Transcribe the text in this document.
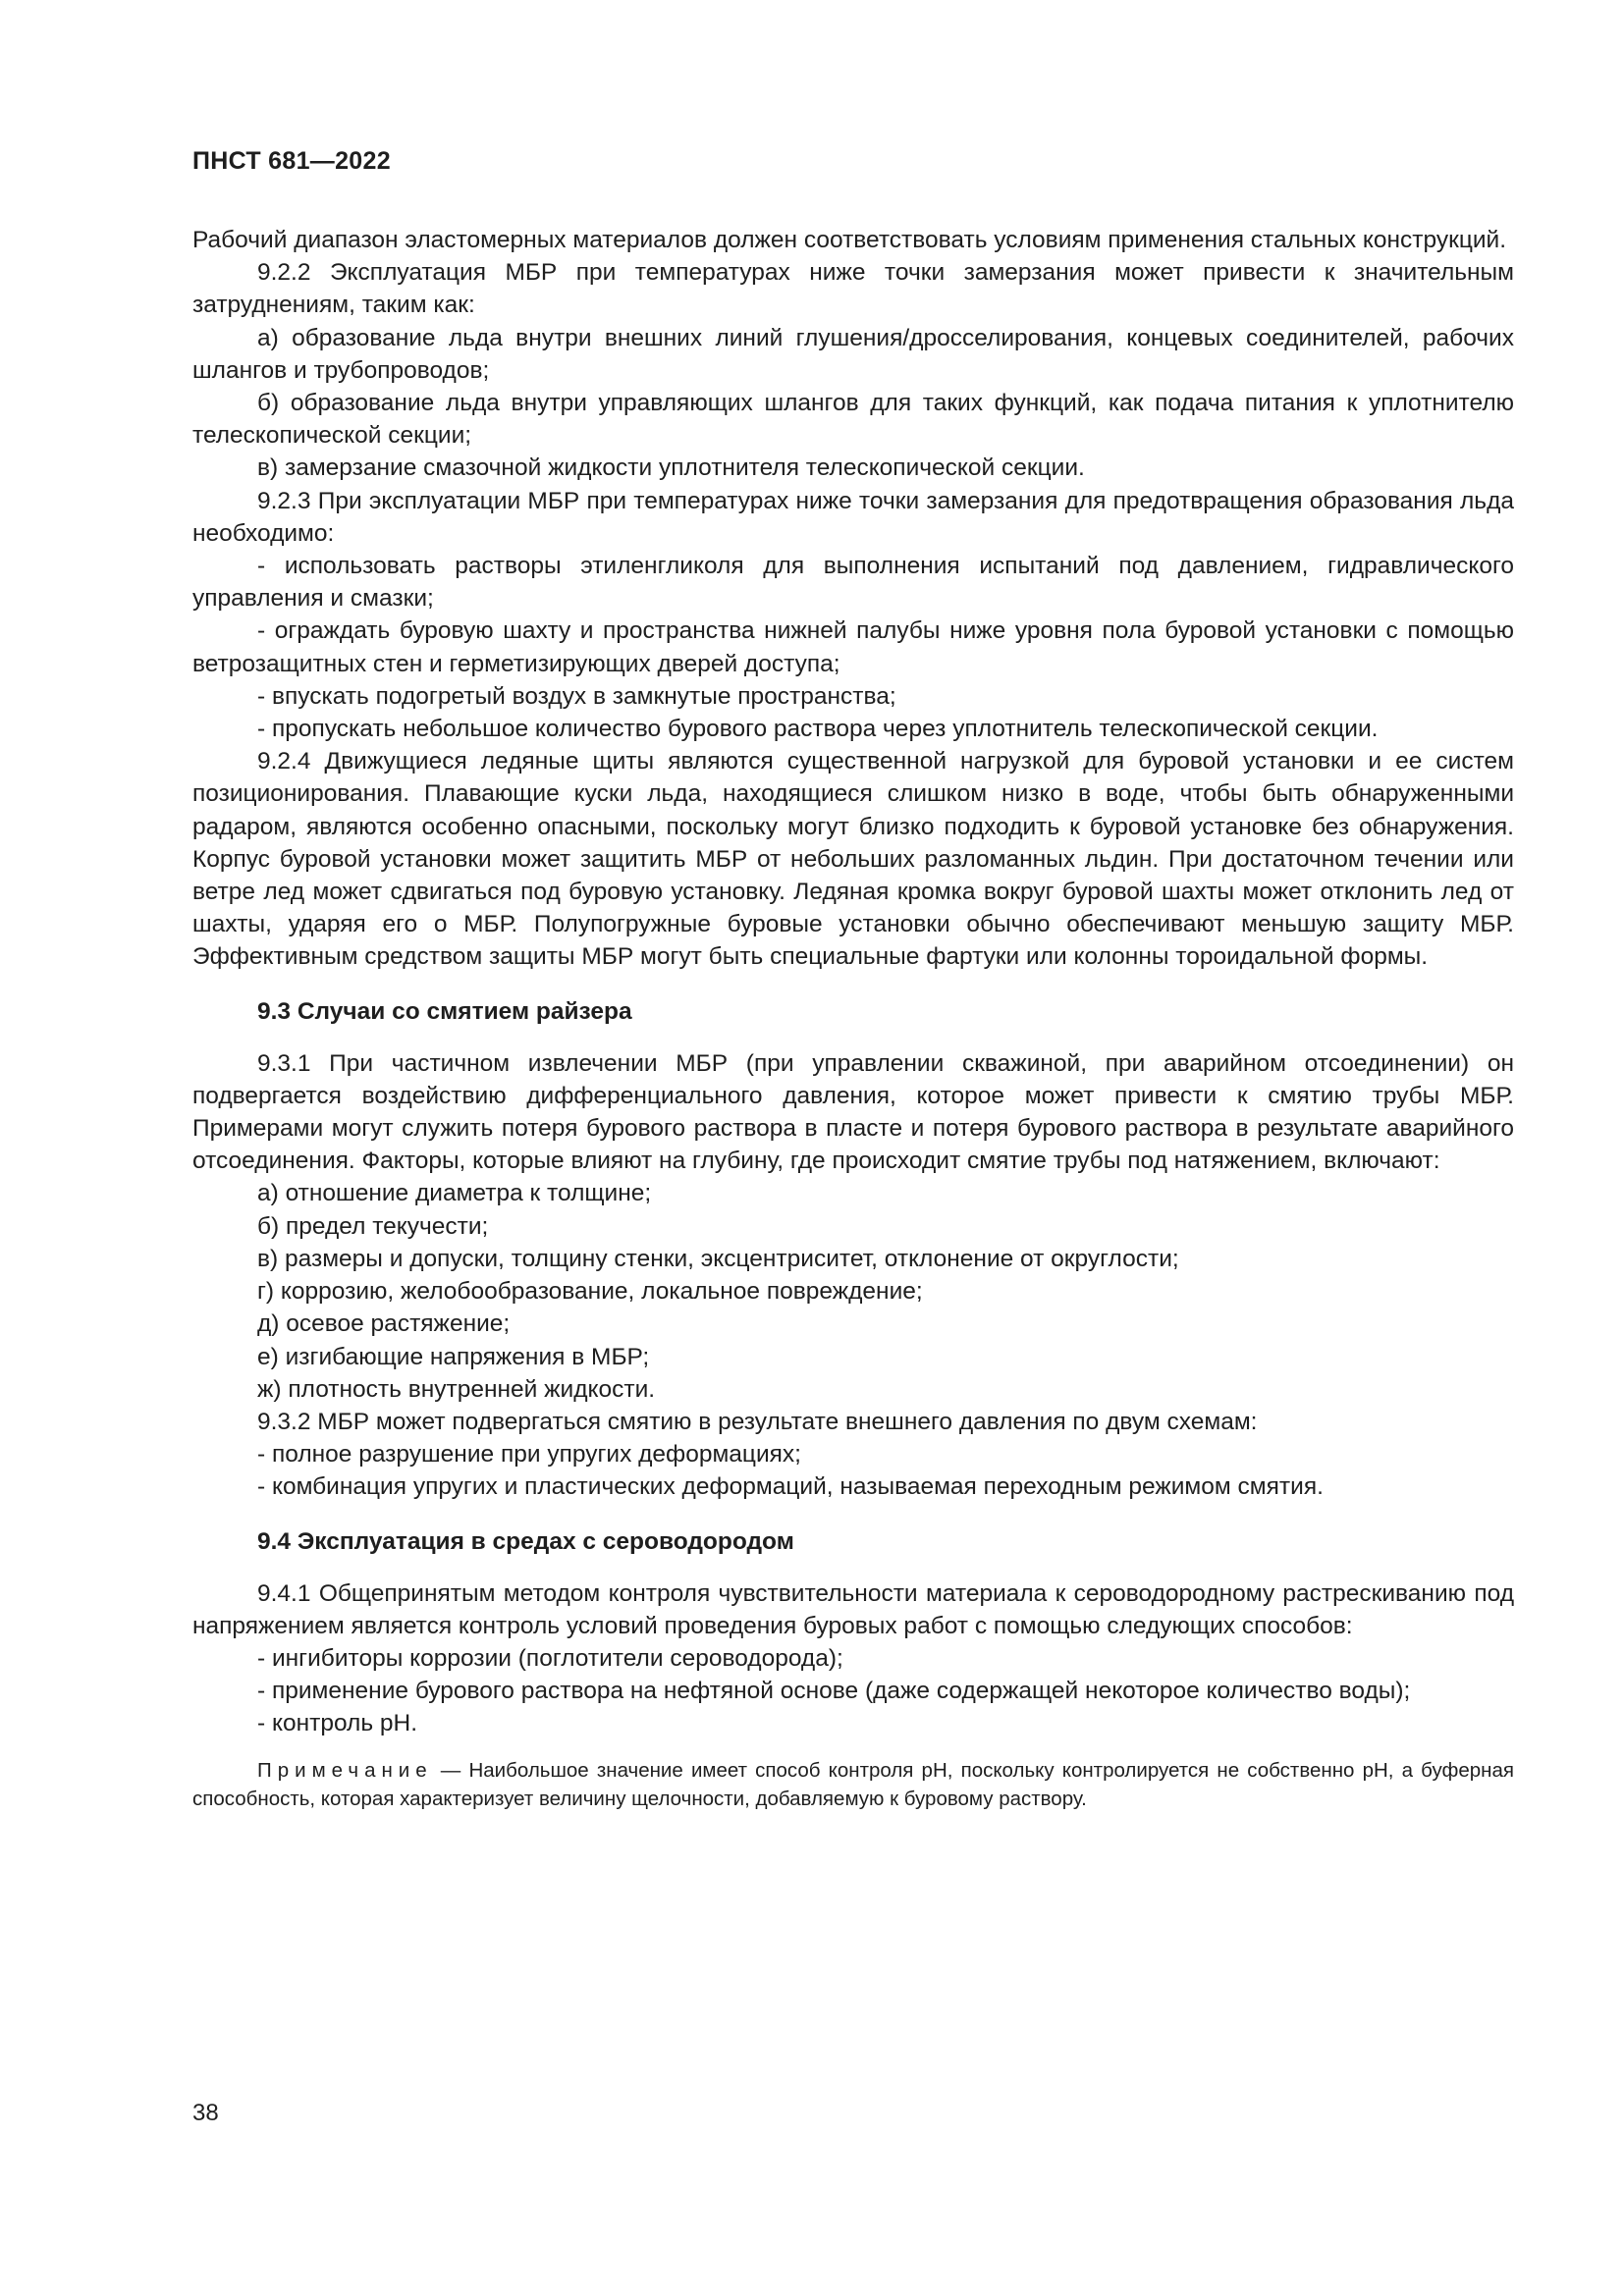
ПНСТ 681—2022

Рабочий диапазон эластомерных материалов должен соответствовать условиям применения стальных конструкций.

9.2.2 Эксплуатация МБР при температурах ниже точки замерзания может привести к значительным затруднениям, таким как:

а) образование льда внутри внешних линий глушения/дросселирования, концевых соединителей, рабочих шлангов и трубопроводов;

б) образование льда внутри управляющих шлангов для таких функций, как подача питания к уплотнителю телескопической секции;

в) замерзание смазочной жидкости уплотнителя телескопической секции.

9.2.3 При эксплуатации МБР при температурах ниже точки замерзания для предотвращения образования льда необходимо:

- использовать растворы этиленгликоля для выполнения испытаний под давлением, гидравлического управления и смазки;

- ограждать буровую шахту и пространства нижней палубы ниже уровня пола буровой установки с помощью ветрозащитных стен и герметизирующих дверей доступа;

- впускать подогретый воздух в замкнутые пространства;

- пропускать небольшое количество бурового раствора через уплотнитель телескопической секции.

9.2.4 Движущиеся ледяные щиты являются существенной нагрузкой для буровой установки и ее систем позиционирования. Плавающие куски льда, находящиеся слишком низко в воде, чтобы быть обнаруженными радаром, являются особенно опасными, поскольку могут близко подходить к буровой установке без обнаружения. Корпус буровой установки может защитить МБР от небольших разломанных льдин. При достаточном течении или ветре лед может сдвигаться под буровую установку. Ледяная кромка вокруг буровой шахты может отклонить лед от шахты, ударяя его о МБР. Полупогружные буровые установки обычно обеспечивают меньшую защиту МБР. Эффективным средством защиты МБР могут быть специальные фартуки или колонны тороидальной формы.

9.3 Случаи со смятием райзера

9.3.1 При частичном извлечении МБР (при управлении скважиной, при аварийном отсоединении) он подвергается воздействию дифференциального давления, которое может привести к смятию трубы МБР. Примерами могут служить потеря бурового раствора в пласте и потеря бурового раствора в результате аварийного отсоединения. Факторы, которые влияют на глубину, где происходит смятие трубы под натяжением, включают:

а) отношение диаметра к толщине;

б) предел текучести;

в) размеры и допуски, толщину стенки, эксцентриситет, отклонение от округлости;

г) коррозию, желобообразование, локальное повреждение;

д) осевое растяжение;

е) изгибающие напряжения в МБР;

ж) плотность внутренней жидкости.

9.3.2 МБР может подвергаться смятию в результате внешнего давления по двум схемам:

- полное разрушение при упругих деформациях;

- комбинация упругих и пластических деформаций, называемая переходным режимом смятия.

9.4 Эксплуатация в средах с сероводородом

9.4.1 Общепринятым методом контроля чувствительности материала к сероводородному растрескиванию под напряжением является контроль условий проведения буровых работ с помощью следующих способов:

- ингибиторы коррозии (поглотители сероводорода);

- применение бурового раствора на нефтяной основе (даже содержащей некоторое количество воды);

- контроль pH.

Примечание — Наибольшое значение имеет способ контроля pH, поскольку контролируется не собственно pH, а буферная способность, которая характеризует величину щелочности, добавляемую к буровому раствору.

38
